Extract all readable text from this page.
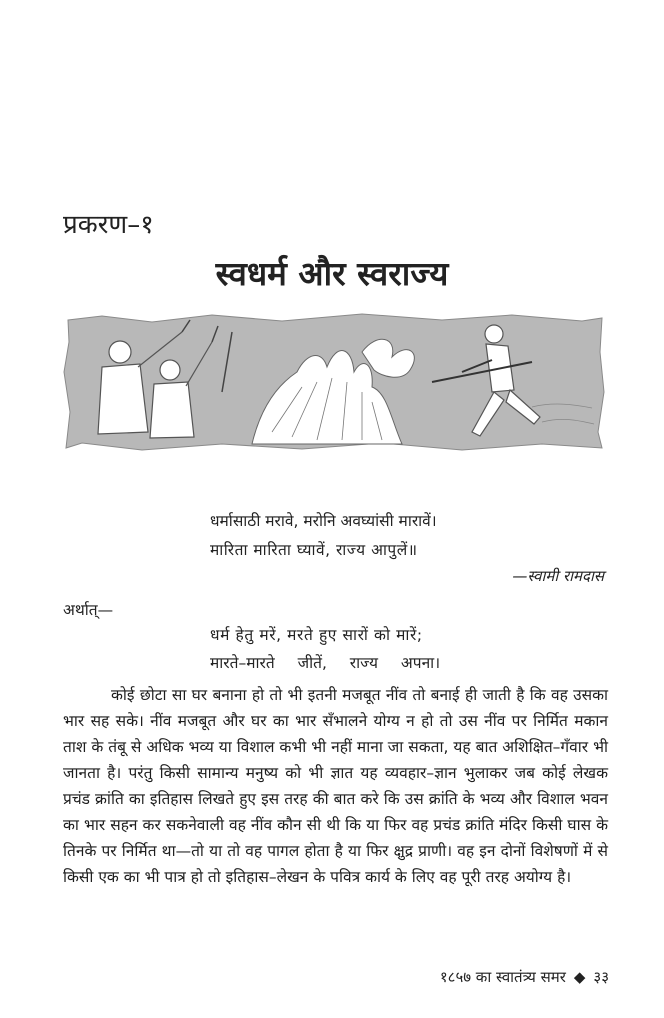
प्रकरण–१
स्वधर्म और स्वराज्य
धर्मासाठी मरावे, मरोनि अवघ्यांसी मारावें।
मारिता मारिता घ्यावें, राज्य आपुलें॥
—स्वामी रामदास
अर्थात्—
धर्म हेतु मरें, मरते हुए सारों को मारें;
मारते–मारते जीतें, राज्य अपना।

कोई छोटा सा घर बनाना हो तो भी इतनी मजबूत नींव तो बनाई ही जाती है कि वह उसका भार सह सके। नींव मजबूत और घर का भार सँभालने योग्य न हो तो उस नींव पर निर्मित मकान ताश के तंबू से अधिक भव्य या विशाल कभी भी नहीं माना जा सकता, यह बात अशिक्षित–गँवार भी जानता है। परंतु किसी सामान्य मनुष्य को भी ज्ञात यह व्यवहार–ज्ञान भुलाकर जब कोई लेखक प्रचंड क्रांति का इतिहास लिखते हुए इस तरह की बात करे कि उस क्रांति के भव्य और विशाल भवन का भार सहन कर सकनेवाली वह नींव कौन सी थी कि या फिर वह प्रचंड क्रांति मंदिर किसी घास के तिनके पर निर्मित था—तो या तो वह पागल होता है या फिर क्षुद्र प्राणी। वह इन दोनों विशेषणों में से किसी एक का भी पात्र हो तो इतिहास–लेखन के पवित्र कार्य के लिए वह पूरी तरह अयोग्य है।

१८५७ का स्वातंत्र्य समर ◆ ३३
